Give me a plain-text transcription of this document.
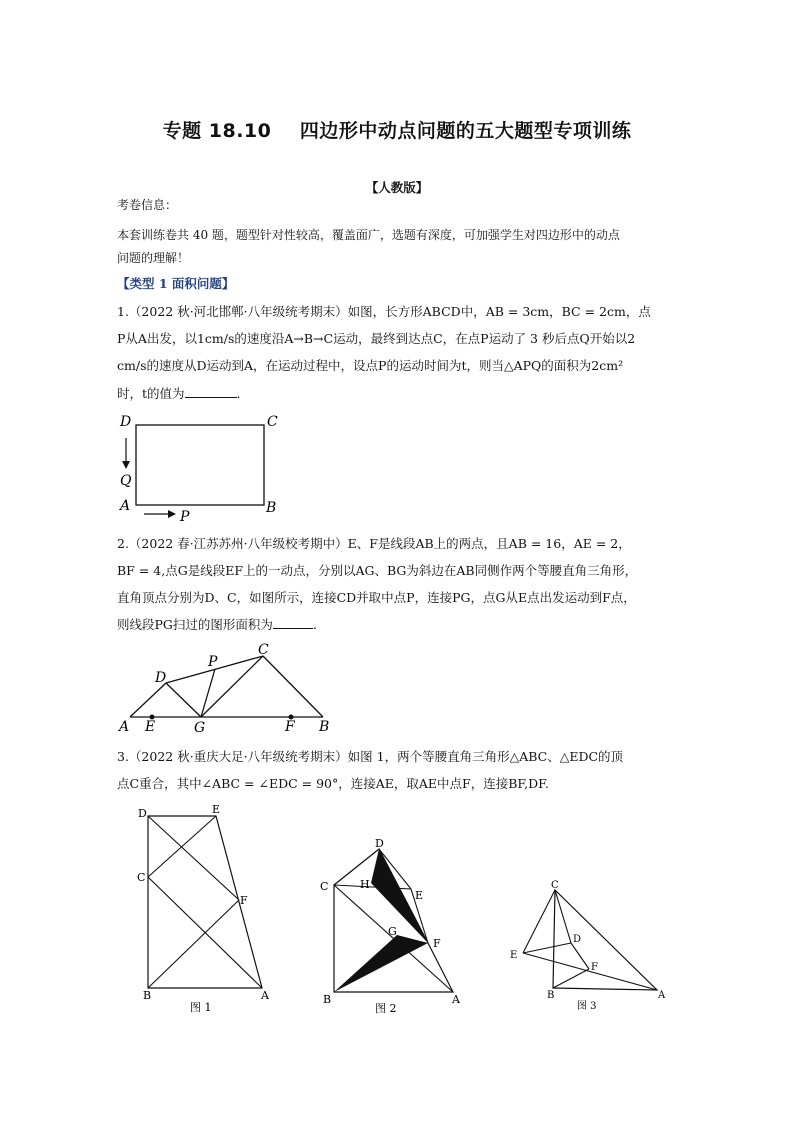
专题 18.10    四边形中动点问题的五大题型专项训练
【人教版】
考卷信息：
本套训练卷共 40 题，题型针对性较高，覆盖面广，选题有深度，可加强学生对四边形中的动点
问题的理解！
【类型 1 面积问题】
1.（2022 秋·河北邯郸·八年级统考期末）如图，长方形ABCD中，AB = 3cm，BC = 2cm，点
P从A出发，以1cm/s的速度沿A→B→C运动，最终到达点C，在点P运动了 3 秒后点Q开始以2
cm/s的速度从D运动到A，在运动过程中，设点P的运动时间为t，则当△APQ的面积为2cm²
时，t的值为	.
D	C
Q
A	B
P
2.（2022 春·江苏苏州·八年级校考期中）E、F是线段AB上的两点，且AB = 16，AE = 2，
BF = 4,点G是线段EF上的一动点，分别以AG、BG为斜边在AB同侧作两个等腰直角三角形，
直角顶点分别为D、C，如图所示，连接CD并取中点P，连接PG，点G从E点出发运动到F点，
则线段PG扫过的图形面积为	.
A E	G	F B
D
P
C
3.（2022 秋·重庆大足·八年级统考期末）如图 1，两个等腰直角三角形△ABC、△EDC的顶
点C重合，其中∠ABC = ∠EDC = 90°，连接AE，取AE中点F，连接BF,DF.
D	E
C
F
B	A
图 1
D
C	H
E
G
F
B	A
图 2
C
D
E
F
B	A
图 3
